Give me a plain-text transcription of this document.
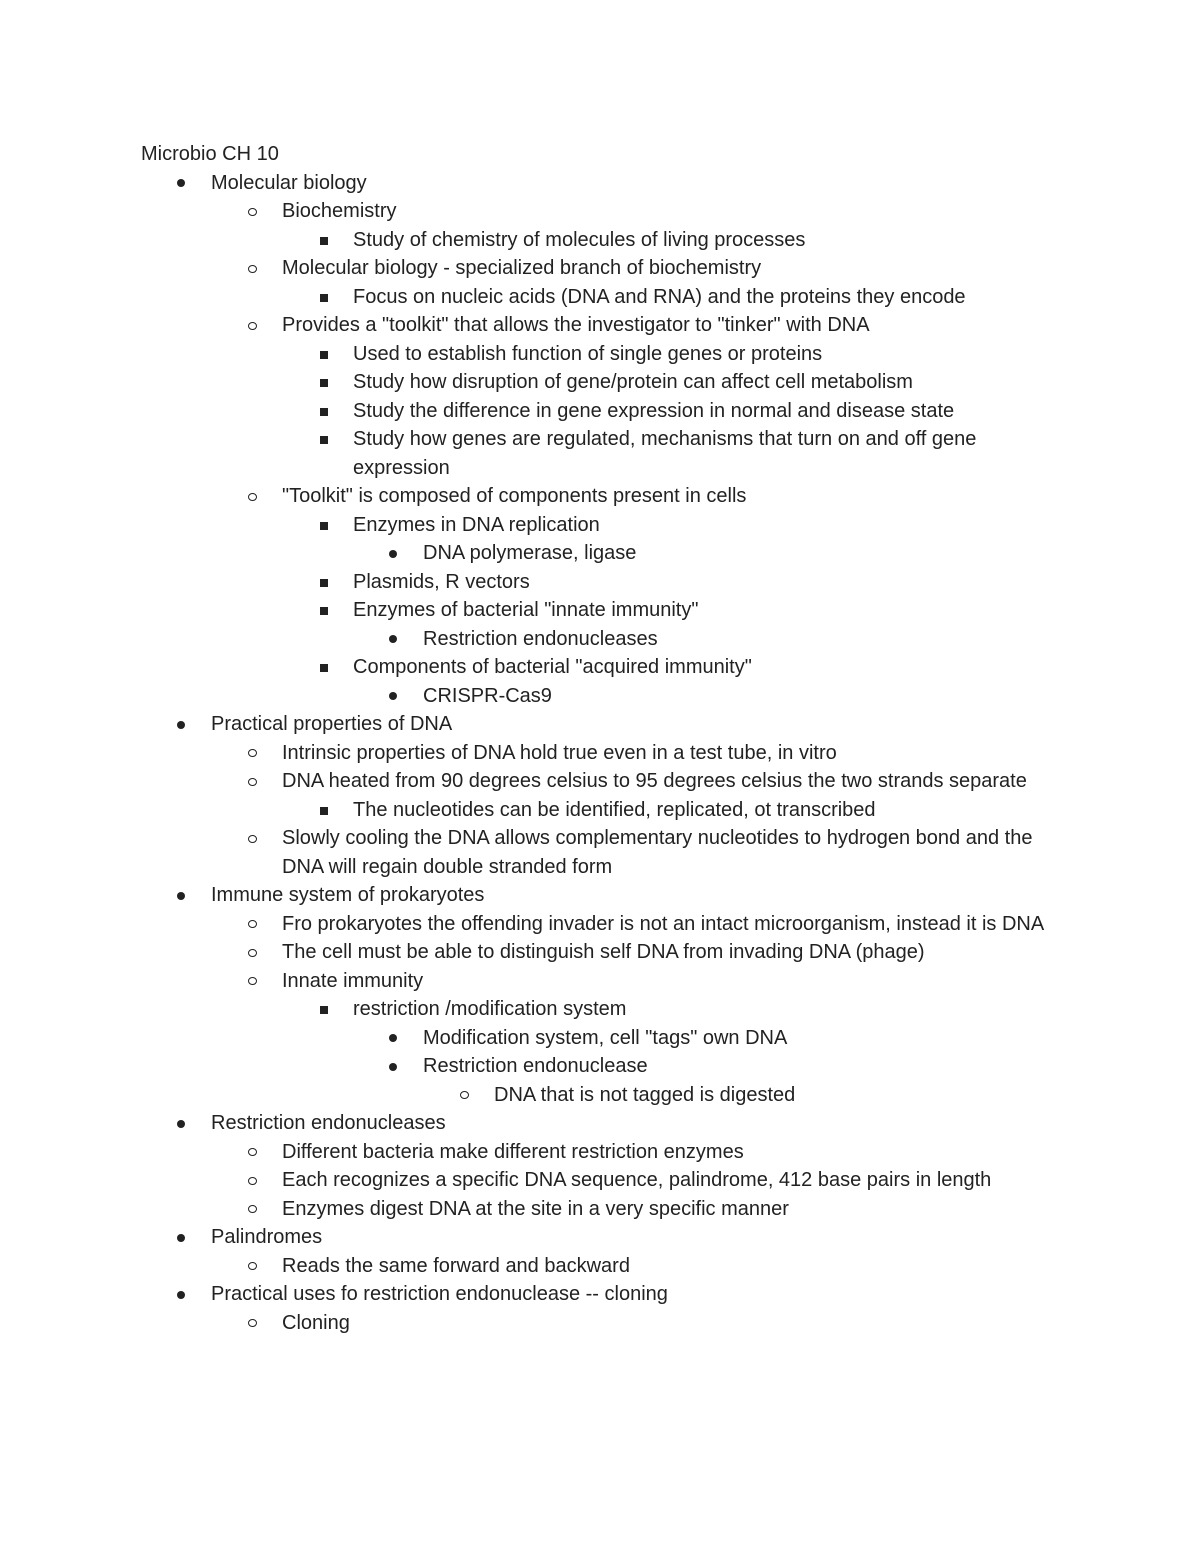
Microbio CH 10
Molecular biology
Biochemistry
Study of chemistry of molecules of living processes
Molecular biology - specialized branch of biochemistry
Focus on nucleic acids (DNA and RNA) and the proteins they encode
Provides a "toolkit" that allows the investigator to "tinker" with DNA
Used to establish function of single genes or proteins
Study how disruption of gene/protein can affect cell metabolism
Study the difference in gene expression in normal and disease state
Study how genes are regulated, mechanisms that turn on and off gene expression
"Toolkit" is composed of components present in cells
Enzymes in DNA replication
DNA polymerase, ligase
Plasmids, R vectors
Enzymes of bacterial "innate immunity"
Restriction endonucleases
Components of bacterial "acquired immunity"
CRISPR-Cas9
Practical properties of DNA
Intrinsic properties of DNA hold true even in a test tube, in vitro
DNA heated from 90 degrees celsius to 95 degrees celsius the two strands separate
The nucleotides can be identified, replicated, ot transcribed
Slowly cooling the DNA allows complementary nucleotides to hydrogen bond and the DNA will regain double stranded form
Immune system of prokaryotes
Fro prokaryotes the offending invader is not an intact microorganism, instead it is DNA
The cell must be able to distinguish self DNA from invading DNA (phage)
Innate immunity
restriction /modification system
Modification system, cell "tags" own DNA
Restriction endonuclease
DNA that is not tagged is digested
Restriction endonucleases
Different bacteria make different restriction enzymes
Each recognizes a specific DNA sequence, palindrome, 412 base pairs in length
Enzymes digest DNA at the site in a very specific manner
Palindromes
Reads the same forward and backward
Practical uses fo restriction endonuclease -- cloning
Cloning
